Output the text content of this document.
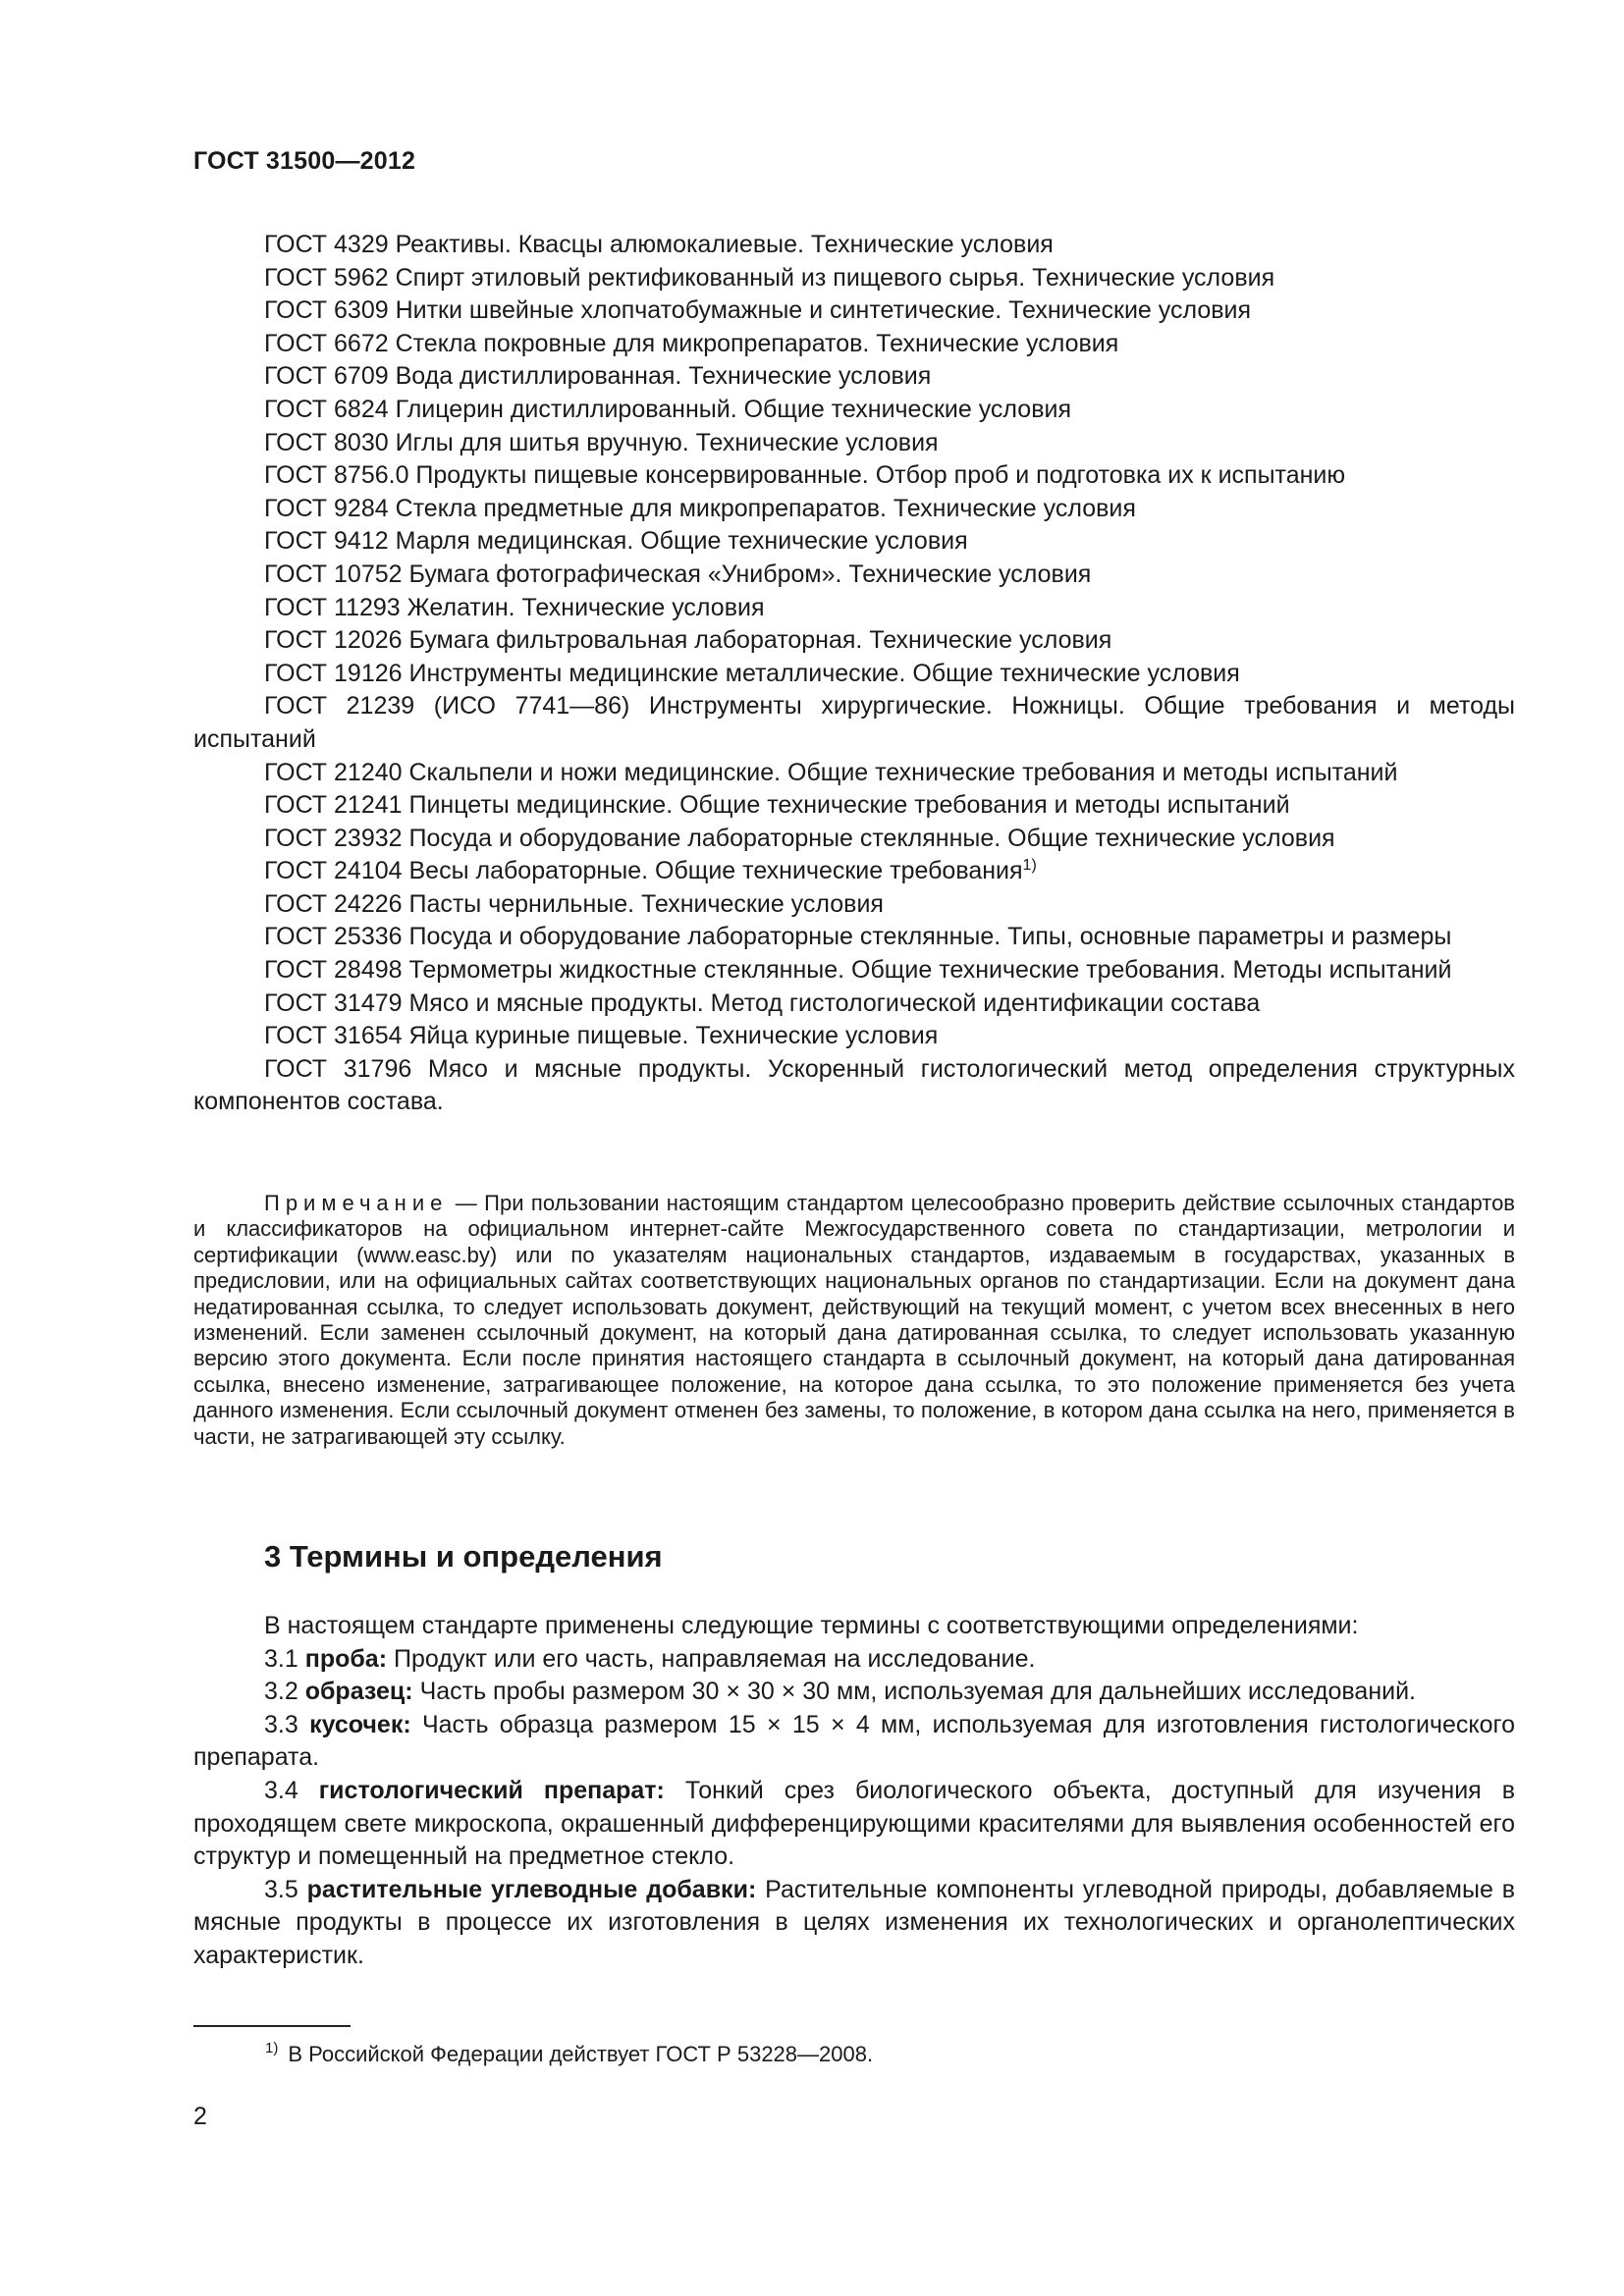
ГОСТ 31500—2012

ГОСТ 4329 Реактивы. Квасцы алюмокалиевые. Технические условия

ГОСТ 5962 Спирт этиловый ректификованный из пищевого сырья. Технические условия

ГОСТ 6309 Нитки швейные хлопчатобумажные и синтетические. Технические условия

ГОСТ 6672 Стекла покровные для микропрепаратов. Технические условия

ГОСТ 6709 Вода дистиллированная. Технические условия

ГОСТ 6824 Глицерин дистиллированный. Общие технические условия

ГОСТ 8030 Иглы для шитья вручную. Технические условия

ГОСТ 8756.0 Продукты пищевые консервированные. Отбор проб и подготовка их к испытанию

ГОСТ 9284 Стекла предметные для микропрепаратов. Технические условия

ГОСТ 9412 Марля медицинская. Общие технические условия

ГОСТ 10752 Бумага фотографическая «Унибром». Технические условия

ГОСТ 11293 Желатин. Технические условия

ГОСТ 12026 Бумага фильтровальная лабораторная. Технические условия

ГОСТ 19126 Инструменты медицинские металлические. Общие технические условия

ГОСТ 21239 (ИСО 7741—86) Инструменты хирургические. Ножницы. Общие требования и методы испытаний

ГОСТ 21240 Скальпели и ножи медицинские. Общие технические требования и методы испытаний

ГОСТ 21241 Пинцеты медицинские. Общие технические требования и методы испытаний

ГОСТ 23932 Посуда и оборудование лабораторные стеклянные. Общие технические условия

ГОСТ 24104 Весы лабораторные. Общие технические требования$^{1)}$

ГОСТ 24226 Пасты чернильные. Технические условия

ГОСТ 25336 Посуда и оборудование лабораторные стеклянные. Типы, основные параметры и размеры

ГОСТ 28498 Термометры жидкостные стеклянные. Общие технические требования. Методы испытаний

ГОСТ 31479 Мясо и мясные продукты. Метод гистологической идентификации состава

ГОСТ 31654 Яйца куриные пищевые. Технические условия

ГОСТ 31796 Мясо и мясные продукты. Ускоренный гистологический метод определения структурных компонентов состава.

Примечание — При пользовании настоящим стандартом целесообразно проверить действие ссылочных стандартов и классификаторов на официальном интернет-сайте Межгосударственного совета по стандартизации, метрологии и сертификации (www.easc.by) или по указателям национальных стандартов, издаваемым в государствах, указанных в предисловии, или на официальных сайтах соответствующих национальных органов по стандартизации. Если на документ дана недатированная ссылка, то следует использовать документ, действующий на текущий момент, с учетом всех внесенных в него изменений. Если заменен ссылочный документ, на который дана датированная ссылка, то следует использовать указанную версию этого документа. Если после принятия настоящего стандарта в ссылочный документ, на который дана датированная ссылка, внесено изменение, затрагивающее положение, на которое дана ссылка, то это положение применяется без учета данного изменения. Если ссылочный документ отменен без замены, то положение, в котором дана ссылка на него, применяется в части, не затрагивающей эту ссылку.

3 Термины и определения

В настоящем стандарте применены следующие термины с соответствующими определениями:

3.1 проба: Продукт или его часть, направляемая на исследование.

3.2 образец: Часть пробы размером 30 × 30 × 30 мм, используемая для дальнейших исследований.

3.3 кусочек: Часть образца размером 15 × 15 × 4 мм, используемая для изготовления гистологического препарата.

3.4 гистологический препарат: Тонкий срез биологического объекта, доступный для изучения в проходящем свете микроскопа, окрашенный дифференцирующими красителями для выявления особенностей его структур и помещенный на предметное стекло.

3.5 растительные углеводные добавки: Растительные компоненты углеводной природы, добавляемые в мясные продукты в процессе их изготовления в целях изменения их технологических и органолептических характеристик.

$^{1)}$ В Российской Федерации действует ГОСТ Р 53228—2008.
2
